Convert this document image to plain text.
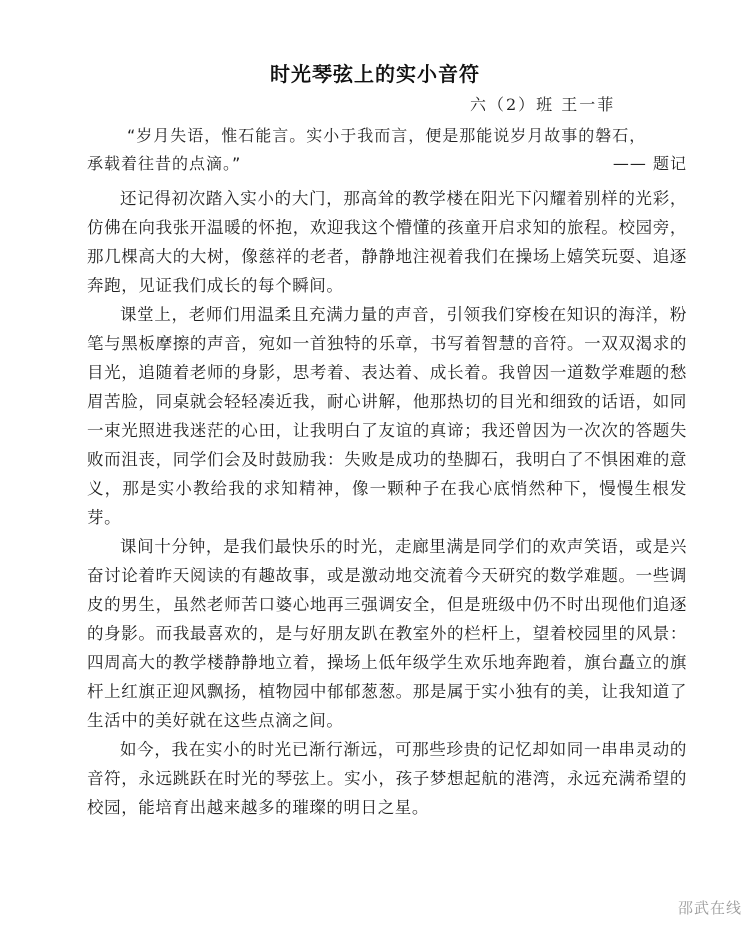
时光琴弦上的实小音符
六（2）班 王一菲
“岁月失语，惟石能言。实小于我而言，便是那能说岁月故事的磐石，
承载着往昔的点滴。”	—— 题记

还记得初次踏入实小的大门，那高耸的教学楼在阳光下闪耀着别样的光彩，仿佛在向我张开温暖的怀抱，欢迎我这个懵懂的孩童开启求知的旅程。校园旁，那几棵高大的大树，像慈祥的老者，静静地注视着我们在操场上嬉笑玩耍、追逐奔跑，见证我们成长的每个瞬间。

课堂上，老师们用温柔且充满力量的声音，引领我们穿梭在知识的海洋，粉笔与黑板摩擦的声音，宛如一首独特的乐章，书写着智慧的音符。一双双渴求的目光，追随着老师的身影，思考着、表达着、成长着。我曾因一道数学难题的愁眉苦脸，同桌就会轻轻凑近我，耐心讲解，他那热切的目光和细致的话语，如同一束光照进我迷茫的心田，让我明白了友谊的真谛；我还曾因为一次次的答题失败而沮丧，同学们会及时鼓励我：失败是成功的垫脚石，我明白了不惧困难的意义，那是实小教给我的求知精神，像一颗种子在我心底悄然种下，慢慢生根发芽。

课间十分钟，是我们最快乐的时光，走廊里满是同学们的欢声笑语，或是兴奋讨论着昨天阅读的有趣故事，或是激动地交流着今天研究的数学难题。一些调皮的男生，虽然老师苦口婆心地再三强调安全，但是班级中仍不时出现他们追逐的身影。而我最喜欢的，是与好朋友趴在教室外的栏杆上，望着校园里的风景：四周高大的教学楼静静地立着，操场上低年级学生欢乐地奔跑着，旗台矗立的旗杆上红旗正迎风飘扬，植物园中郁郁葱葱。那是属于实小独有的美，让我知道了生活中的美好就在这些点滴之间。

如今，我在实小的时光已渐行渐远，可那些珍贵的记忆却如同一串串灵动的音符，永远跳跃在时光的琴弦上。实小，孩子梦想起航的港湾，永远充满希望的校园，能培育出越来越多的璀璨的明日之星。

邵武在线
